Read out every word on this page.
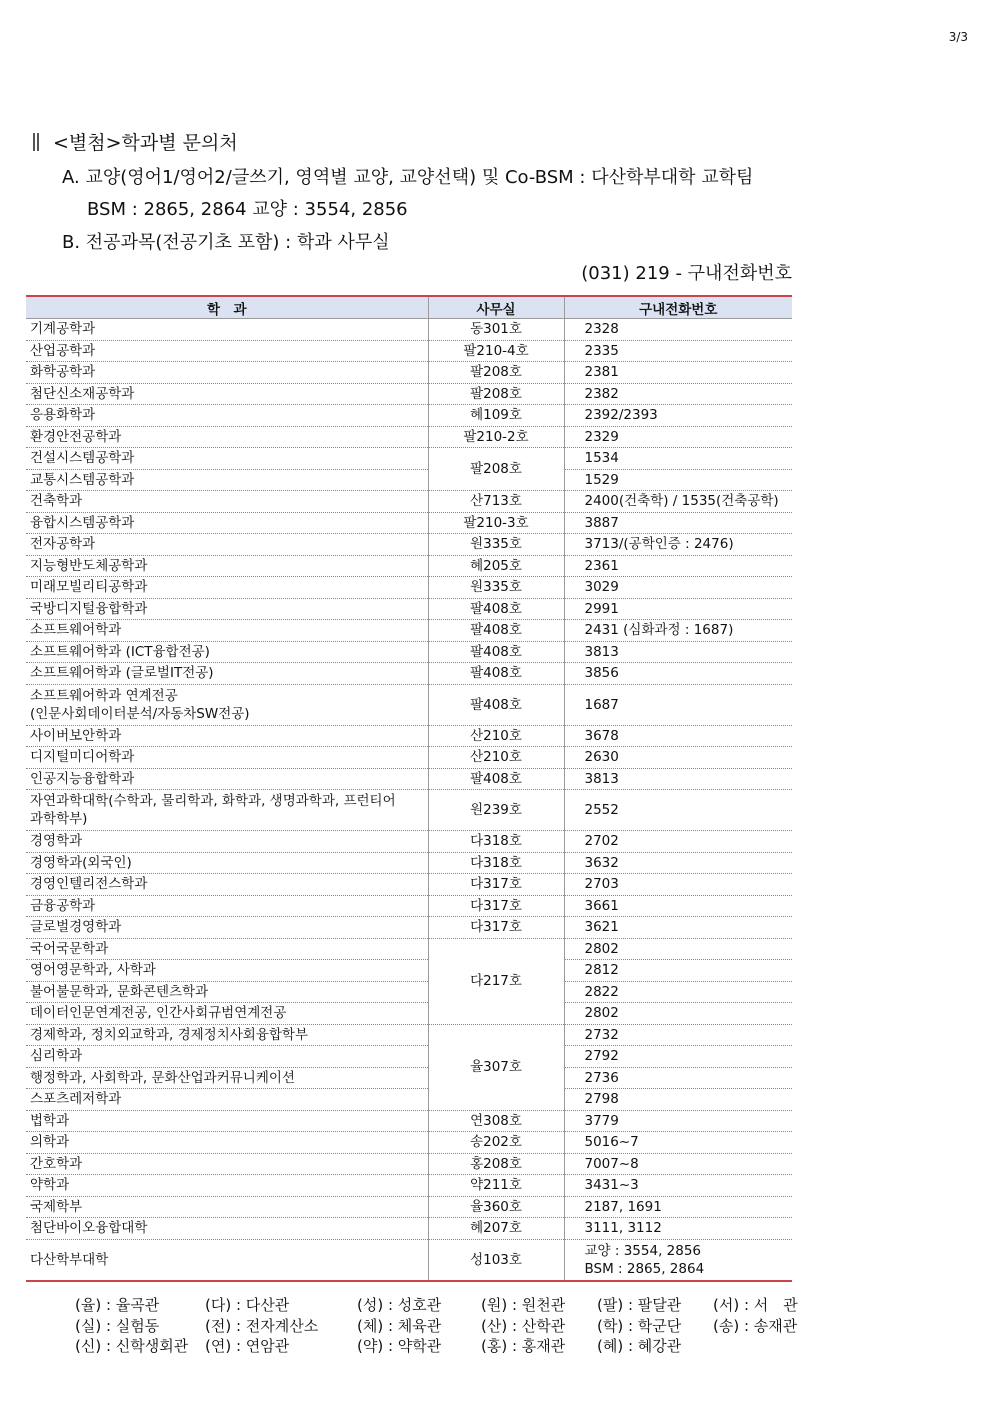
3/3
<별첨>학과별 문의처
A. 교양(영어1/영어2/글쓰기, 영역별 교양, 교양선택) 및 Co-BSM : 다산학부대학 교학팀
BSM : 2865, 2864 교양 : 3554, 2856
B. 전공과목(전공기초 포함) : 학과 사무실
(031) 219 - 구내전화번호
학　과	사무실	구내전화번호

기계공학과	동301호	2328

산업공학과	팔210-4호	2335

화학공학과	팔208호	2381

첨단신소재공학과	팔208호	2382

응용화학과	혜109호	2392/2393

환경안전공학과	팔210-2호	2329

건설시스템공학과	팔208호	1534

교통시스템공학과		1529

건축학과	산713호	2400(건축학) / 1535(건축공학)

융합시스템공학과	팔210-3호	3887

전자공학과	원335호	3713/(공학인증 : 2476)

지능형반도체공학과	혜205호	2361

미래모빌리티공학과	원335호	3029

국방디지털융합학과	팔408호	2991

소프트웨어학과	팔408호	2431 (심화과정 : 1687)

소프트웨어학과 (ICT융합전공)	팔408호	3813

소프트웨어학과 (글로벌IT전공)	팔408호	3856

소프트웨어학과 연계전공
(인문사회데이터분석/자동차SW전공)	팔408호	1687

사이버보안학과	산210호	3678

디지털미디어학과	산210호	2630

인공지능융합학과	팔408호	3813

자연과학대학(수학과, 물리학과, 화학과, 생명과학과, 프런티어
과학학부)	원239호	2552

경영학과	다318호	2702

경영학과(외국인)	다318호	3632

경영인텔리전스학과	다317호	2703

금융공학과	다317호	3661

글로벌경영학과	다317호	3621

국어국문학과	다217호	2802

영어영문학과, 사학과		2812

불어불문학과, 문화콘텐츠학과		2822

데이터인문연계전공, 인간사회규범연계전공		2802

경제학과, 정치외교학과, 경제정치사회융합학부	율307호	2732

심리학과		2792

행정학과, 사회학과, 문화산업과커뮤니케이션		2736

스포츠레저학과		2798

법학과	연308호	3779

의학과	송202호	5016~7

간호학과	홍208호	7007~8

약학과	약211호	3431~3

국제학부	율360호	2187, 1691

첨단바이오융합대학	혜207호	3111, 3112

다산학부대학	성103호	교양 : 3554, 2856
BSM : 2865, 2864
(율) : 율곡관	(다) : 다산관	(성) : 성호관	(원) : 원천관 (팔) : 팔달관 (서) : 서　관
(실) : 실험동	(전) : 전자계산소	(체) : 체육관	(산) : 산학관 (학) : 학군단 (송) : 송재관
(신) : 신학생회관 (연) : 연암관	(약) : 약학관	(홍) : 홍재관 (혜) : 혜강관
